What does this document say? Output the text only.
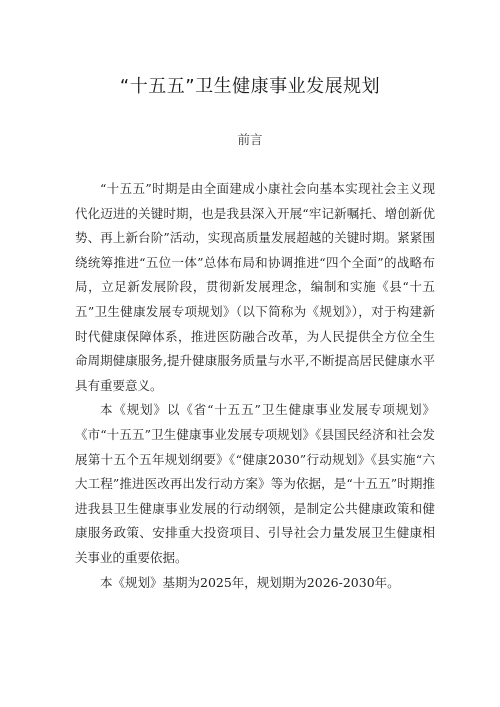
“十五五”卫生健康事业发展规划
前言

“十五五”时期是由全面建成小康社会向基本实现社会主义现代化迈进的关键时期，也是我县深入开展“牢记新嘱托、增创新优势、再上新台阶”活动，实现高质量发展超越的关键时期。紧紧围绕统筹推进“五位一体”总体布局和协调推进“四个全面”的战略布局，立足新发展阶段，贯彻新发展理念，编制和实施《县“十五五”卫生健康发展专项规划》（以下简称为《规划》），对于构建新时代健康保障体系，推进医防融合改革，为人民提供全方位全生命周期健康服务,提升健康服务质量与水平,不断提高居民健康水平具有重要意义。

本《规划》以《省“十五五”卫生健康事业发展专项规划》《市“十五五”卫生健康事业发展专项规划》《县国民经济和社会发展第十五个五年规划纲要》《“健康2030”行动规划》《县实施“六大工程”推进医改再出发行动方案》等为依据，是“十五五”时期推进我县卫生健康事业发展的行动纲领，是制定公共健康政策和健康服务政策、安排重大投资项目、引导社会力量发展卫生健康相关事业的重要依据。

本《规划》基期为2025年，规划期为2026-2030年。
